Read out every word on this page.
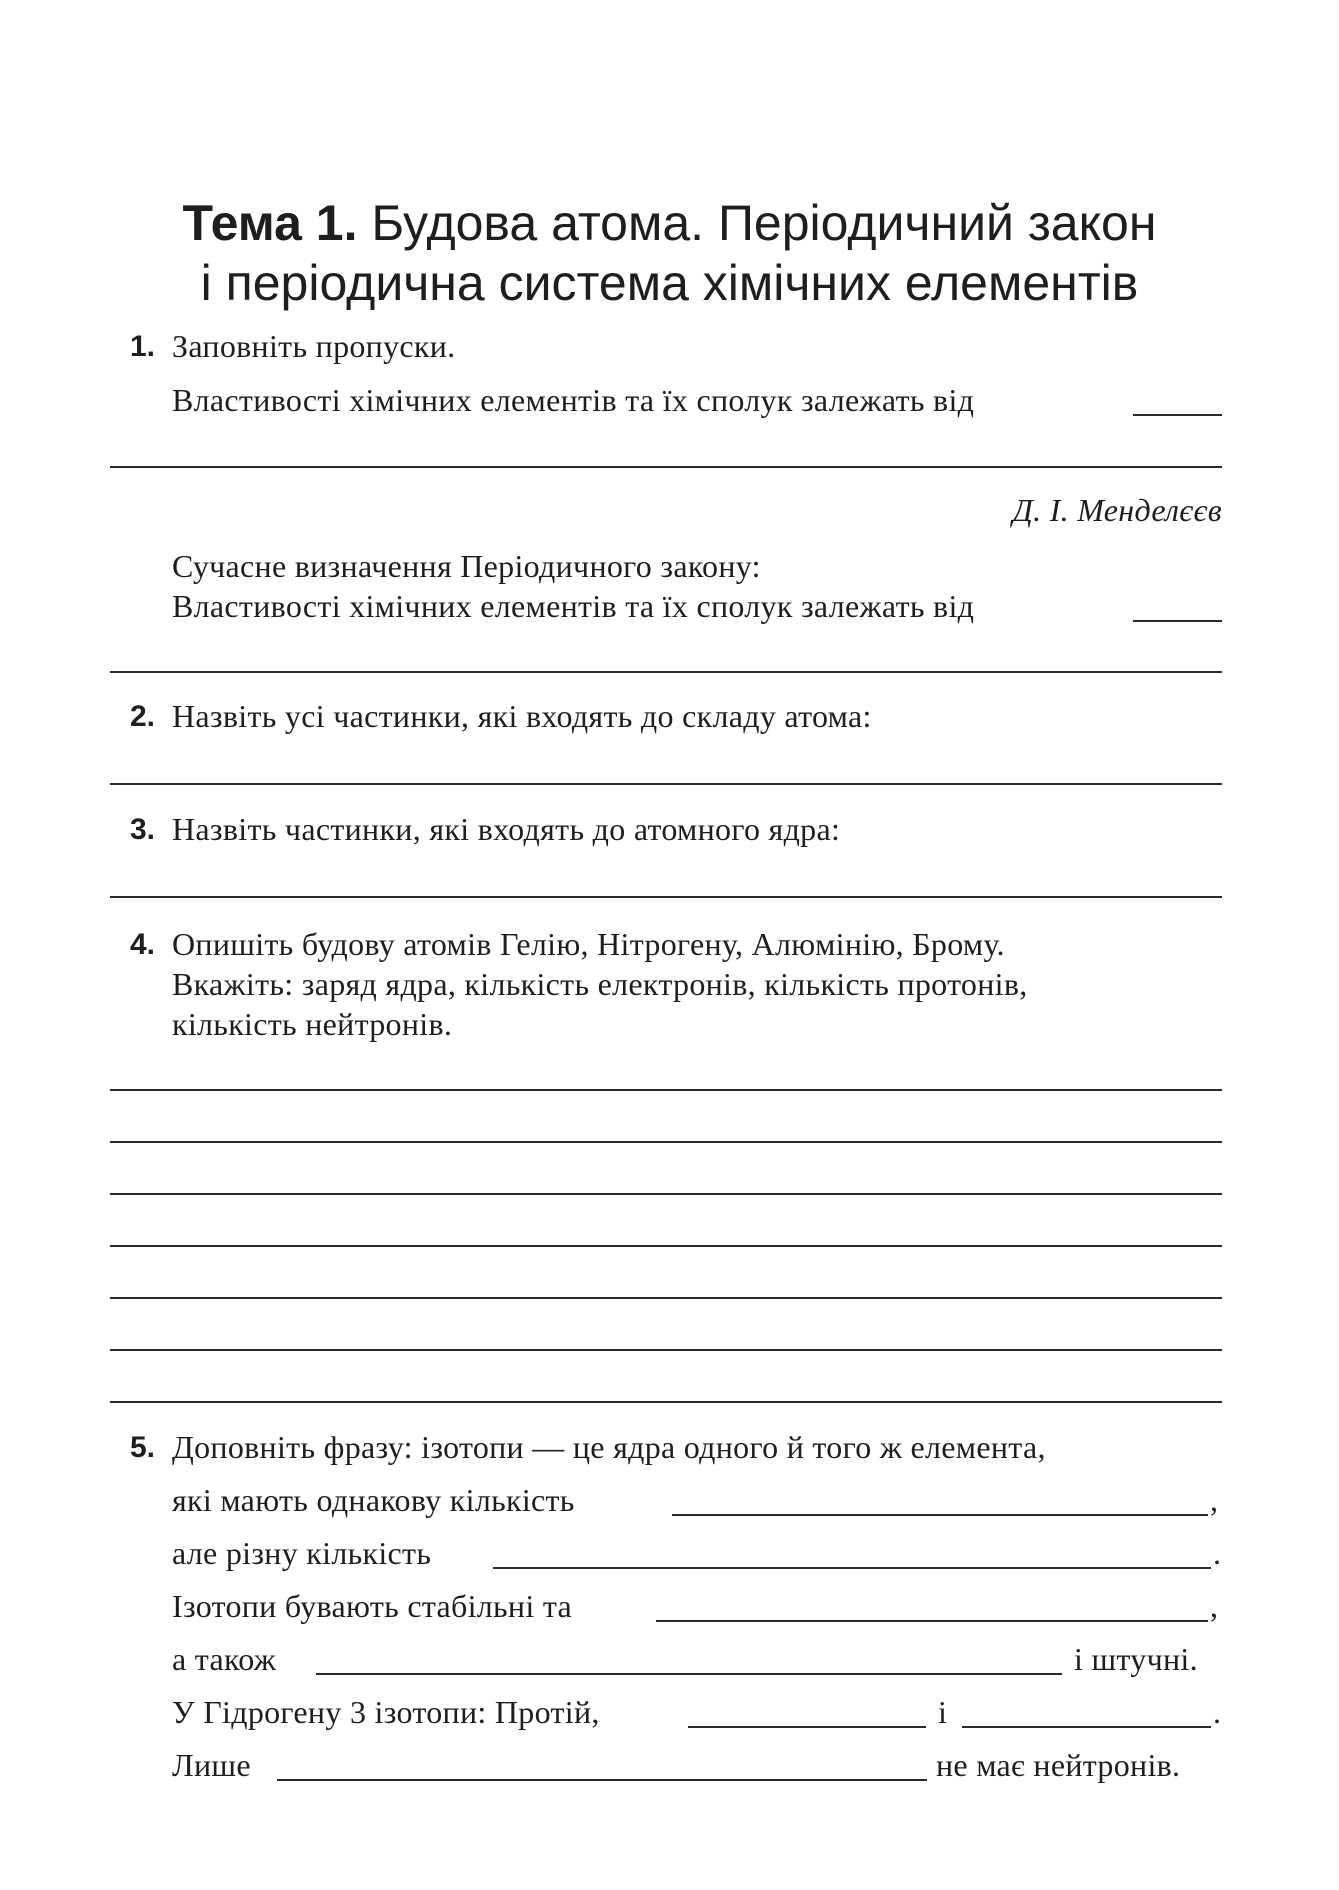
Тема 1. Будова атома. Періодичний закон
і періодична система хімічних елементів
1. Заповніть пропуски.
Властивості хімічних елементів та їх сполук залежать від
Д. І. Менделєєв
Сучасне визначення Періодичного закону:
Властивості хімічних елементів та їх сполук залежать від
2. Назвіть усі частинки, які входять до складу атома:
3. Назвіть частинки, які входять до атомного ядра:
4. Опишіть будову атомів Гелію, Нітрогену, Алюмінію, Брому.
Вкажіть: заряд ядра, кількість електронів, кількість протонів,
кількість нейтронів.
5. Доповніть фразу: ізотопи — це ядра одного й того ж елемента,
які мають однакову кількість	,
але різну кількість	.
Ізотопи бувають стабільні та	,
а також	і штучні.
У Гідрогену 3 ізотопи: Протій,	і	.
Лише	не має нейтронів.
